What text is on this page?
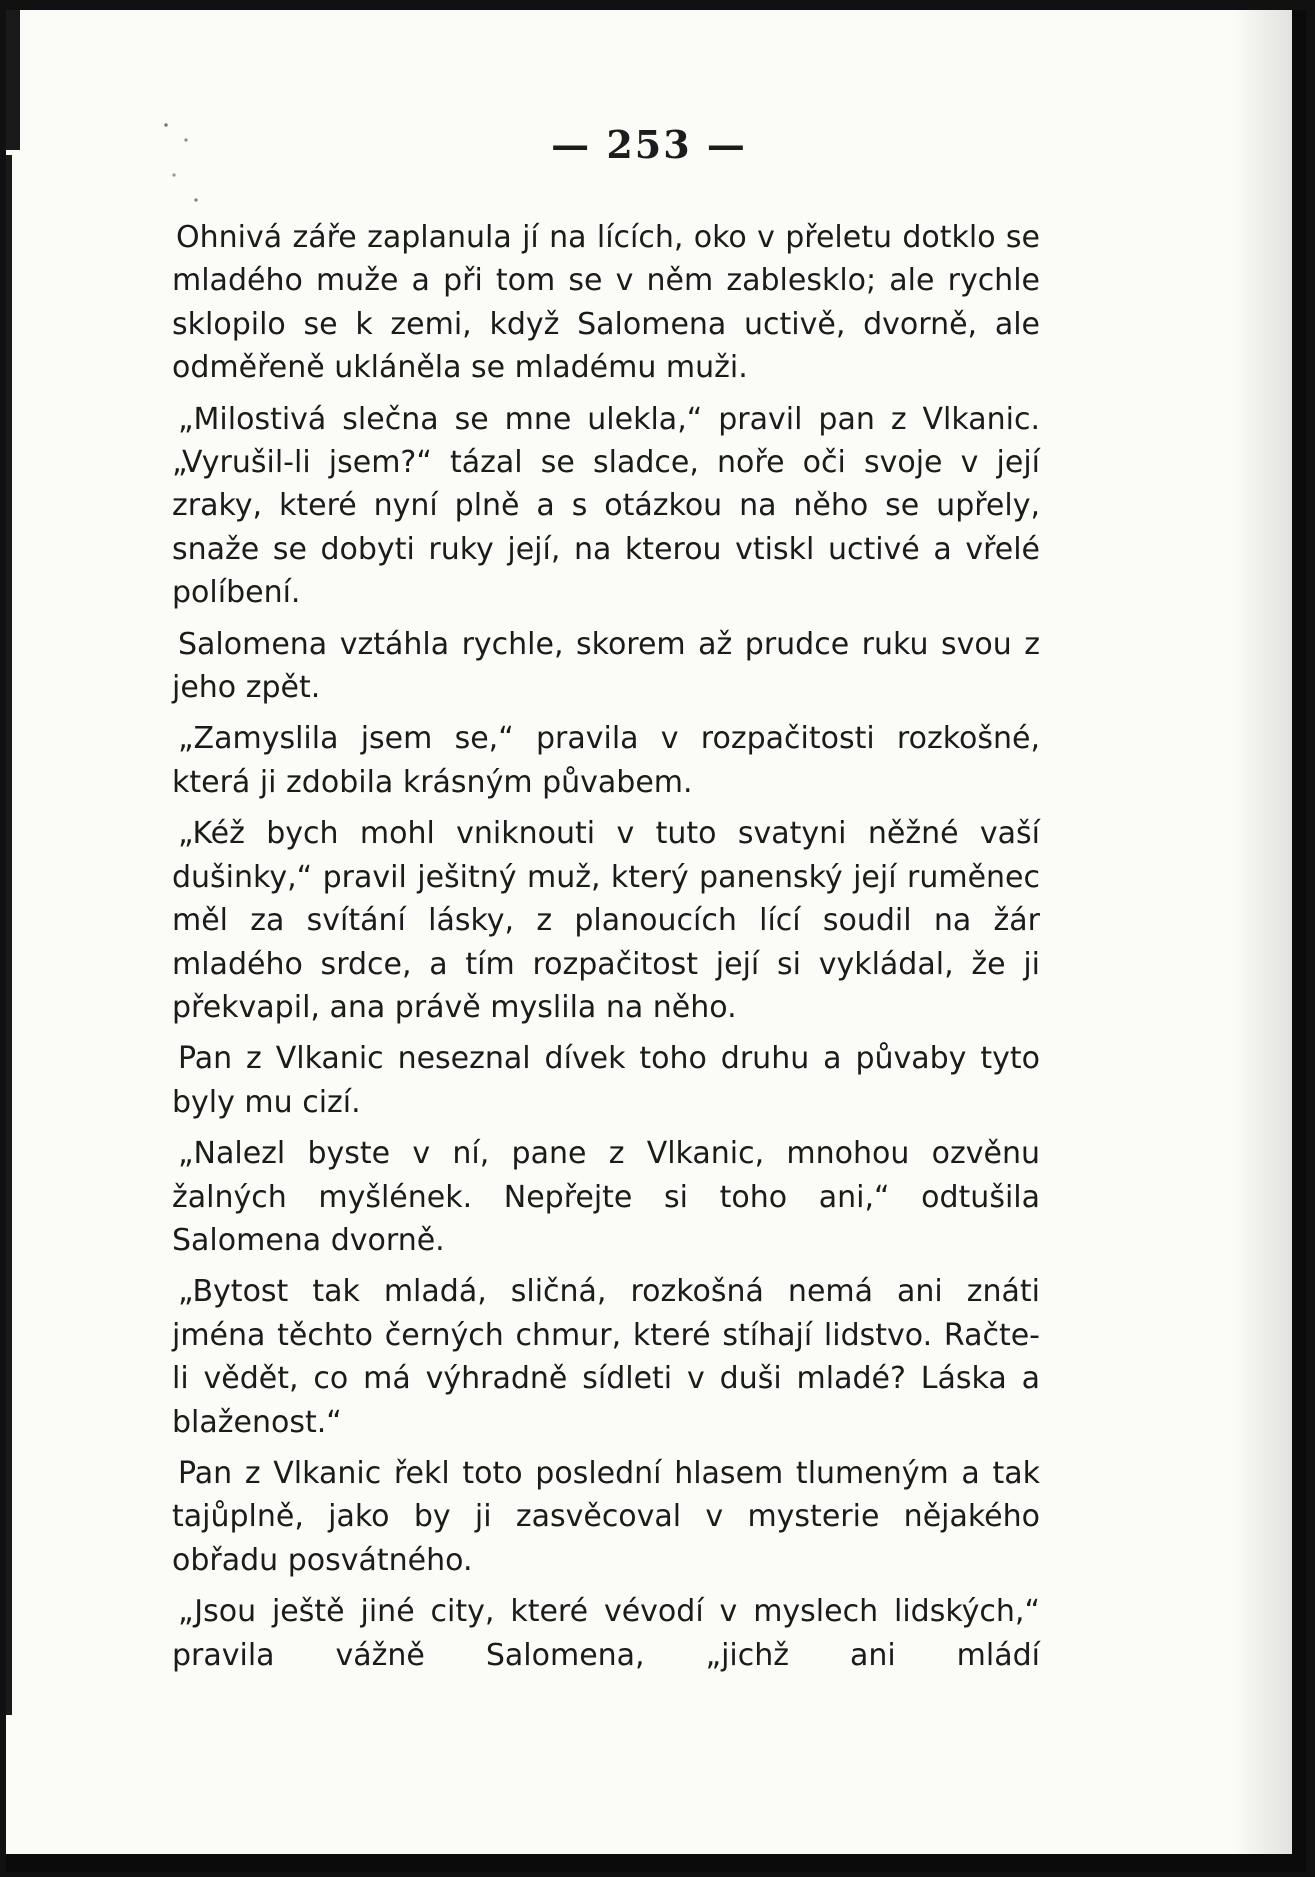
— 253 —

Ohnivá záře zaplanula jí na lících, oko v přeletu dotklo se mladého muže a při tom se v něm zablesklo; ale rychle sklopilo se k zemi, když Salomena uctivě, dvorně, ale odměřeně ukláněla se mladému muži.

„Milostivá slečna se mne ulekla,“ pravil pan z Vlkanic. „Vyrušil-li jsem?“ tázal se sladce, noře oči svoje v její zraky, které nyní plně a s otázkou na něho se upřely, snaže se dobyti ruky její, na kterou vtiskl uctivé a vřelé políbení.

Salomena vztáhla rychle, skorem až prudce ruku svou z jeho zpět.

„Zamyslila jsem se,“ pravila v rozpačitosti rozkošné, která ji zdobila krásným půvabem.

„Kéž bych mohl vniknouti v tuto svatyni něžné vaší dušinky,“ pravil ješitný muž, který panenský její ruměnec měl za svítání lásky, z planoucích lící soudil na žár mladého srdce, a tím rozpačitost její si vykládal, že ji překvapil, ana právě myslila na něho.

Pan z Vlkanic neseznal dívek toho druhu a půvaby tyto byly mu cizí.

„Nalezl byste v ní, pane z Vlkanic, mnohou ozvěnu žalných myšlének. Nepřejte si toho ani,“ odtušila Salomena dvorně.

„Bytost tak mladá, sličná, rozkošná nemá ani znáti jména těchto černých chmur, které stíhají lidstvo. Račte-li vědět, co má výhradně sídleti v duši mladé? Láska a blaženost.“

Pan z Vlkanic řekl toto poslední hlasem tlumeným a tak tajůplně, jako by ji zasvěcoval v mysterie nějakého obřadu posvátného.

„Jsou ještě jiné city, které vévodí v myslech lidských,“ pravila vážně Salomena, „jichž ani mládí
